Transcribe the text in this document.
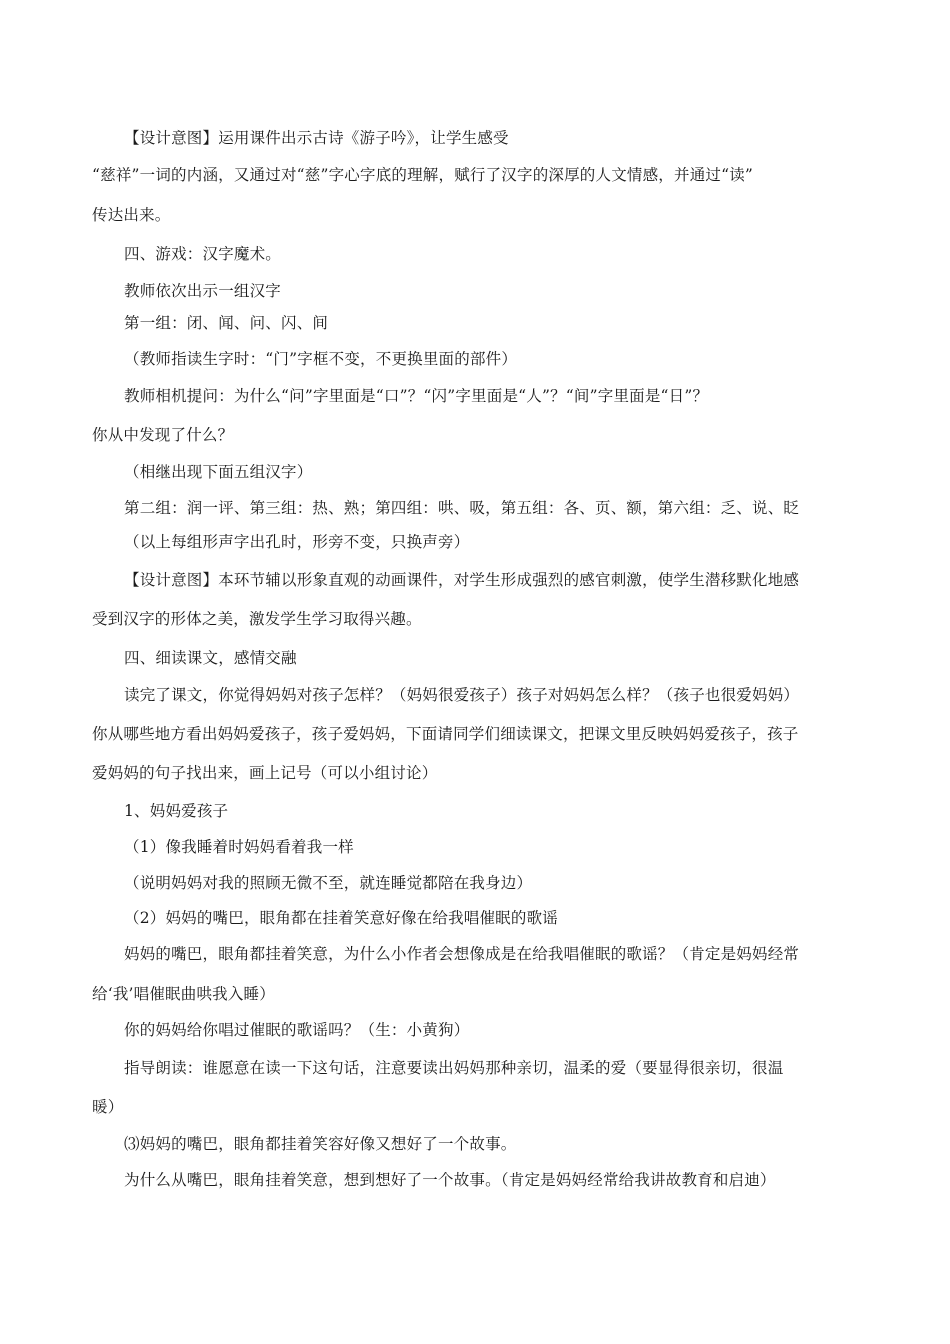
【设计意图】运用课件出示古诗《游子吟》，让学生感受
“慈祥”一词的内涵，又通过对“慈”字心字底的理解，赋行了汉字的深厚的人文情感，并通过“读”
传达出来。
四、游戏：汉字魔术。
教师依次出示一组汉字
第一组：闭、闻、问、闪、间
（教师指读生字时：“门”字框不变，不更换里面的部件）
教师相机提问：为什么“问”字里面是“口”？“闪”字里面是“人”？“间”字里面是“日”？
你从中发现了什么？
（相继出现下面五组汉字）
第二组：润一评、第三组：热、熟；第四组：哄、吸，第五组：各、页、额，第六组：乏、说、眨
（以上每组形声字出孔时，形旁不变，只换声旁）
【设计意图】本环节辅以形象直观的动画课件，对学生形成强烈的感官刺激，使学生潜移默化地感
受到汉字的形体之美，激发学生学习取得兴趣。
四、细读课文，感情交融
读完了课文，你觉得妈妈对孩子怎样？（妈妈很爱孩子）孩子对妈妈怎么样？（孩子也很爱妈妈）
你从哪些地方看出妈妈爱孩子，孩子爱妈妈，下面请同学们细读课文，把课文里反映妈妈爱孩子，孩子
爱妈妈的句子找出来，画上记号（可以小组讨论）
1、妈妈爱孩子
（1）像我睡着时妈妈看着我一样
（说明妈妈对我的照顾无微不至，就连睡觉都陪在我身边）
（2）妈妈的嘴巴，眼角都在挂着笑意好像在给我唱催眠的歌谣
妈妈的嘴巴，眼角都挂着笑意，为什么小作者会想像成是在给我唱催眠的歌谣？（肯定是妈妈经常
给‘我’唱催眠曲哄我入睡）
你的妈妈给你唱过催眠的歌谣吗？（生：小黄狗）
指导朗读：谁愿意在读一下这句话，注意要读出妈妈那种亲切，温柔的爱（要显得很亲切，很温
暖）
⑶妈妈的嘴巴，眼角都挂着笑容好像又想好了一个故事。
为什么从嘴巴，眼角挂着笑意，想到想好了一个故事。（肯定是妈妈经常给我讲故教育和启迪）
